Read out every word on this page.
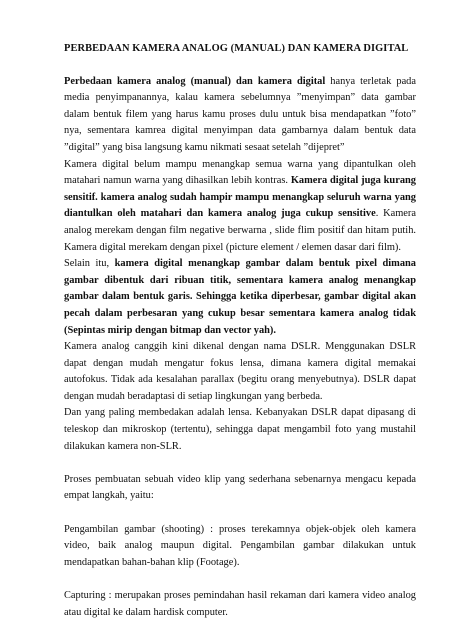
PERBEDAAN KAMERA ANALOG (MANUAL) DAN KAMERA DIGITAL

Perbedaan kamera analog (manual) dan kamera digital hanya terletak pada media penyimpanannya, kalau kamera sebelumnya ”menyimpan” data gambar dalam bentuk filem yang harus kamu proses dulu untuk bisa mendapatkan ”foto” nya, sementara kamrea digital menyimpan data gambarnya dalam bentuk data ”digital” yang bisa langsung kamu nikmati sesaat setelah ”dijepret”

Kamera digital belum mampu menangkap semua warna yang dipantulkan oleh matahari namun warna yang dihasilkan lebih kontras. Kamera digital juga kurang sensitif. kamera analog sudah hampir mampu menangkap seluruh warna yang diantulkan oleh matahari dan kamera analog juga cukup sensitive. Kamera analog merekam dengan film negative berwarna , slide flim positif dan hitam putih. Kamera digital merekam dengan pixel (picture element / elemen dasar dari film).

Selain itu, kamera digital menangkap gambar dalam bentuk pixel dimana gambar dibentuk dari ribuan titik, sementara kamera analog menangkap gambar dalam bentuk garis. Sehingga ketika diperbesar, gambar digital akan pecah dalam perbesaran yang cukup besar sementara kamera analog tidak (Sepintas mirip dengan bitmap dan vector yah).

Kamera analog canggih kini dikenal dengan nama DSLR. Menggunakan DSLR dapat dengan mudah mengatur fokus lensa, dimana kamera digital memakai autofokus. Tidak ada kesalahan parallax (begitu orang menyebutnya). DSLR dapat dengan mudah beradaptasi di setiap lingkungan yang berbeda.

Dan yang paling membedakan adalah lensa. Kebanyakan DSLR dapat dipasang di teleskop dan mikroskop (tertentu), sehingga dapat mengambil foto yang mustahil dilakukan kamera non-SLR.

Proses pembuatan sebuah video klip yang sederhana sebenarnya mengacu kepada empat langkah, yaitu:

Pengambilan gambar (shooting) : proses terekamnya objek-objek oleh kamera video, baik analog maupun digital. Pengambilan gambar dilakukan untuk mendapatkan bahan-bahan klip (Footage).

Capturing : merupakan proses pemindahan hasil rekaman dari kamera video analog atau digital ke dalam hardisk computer.
